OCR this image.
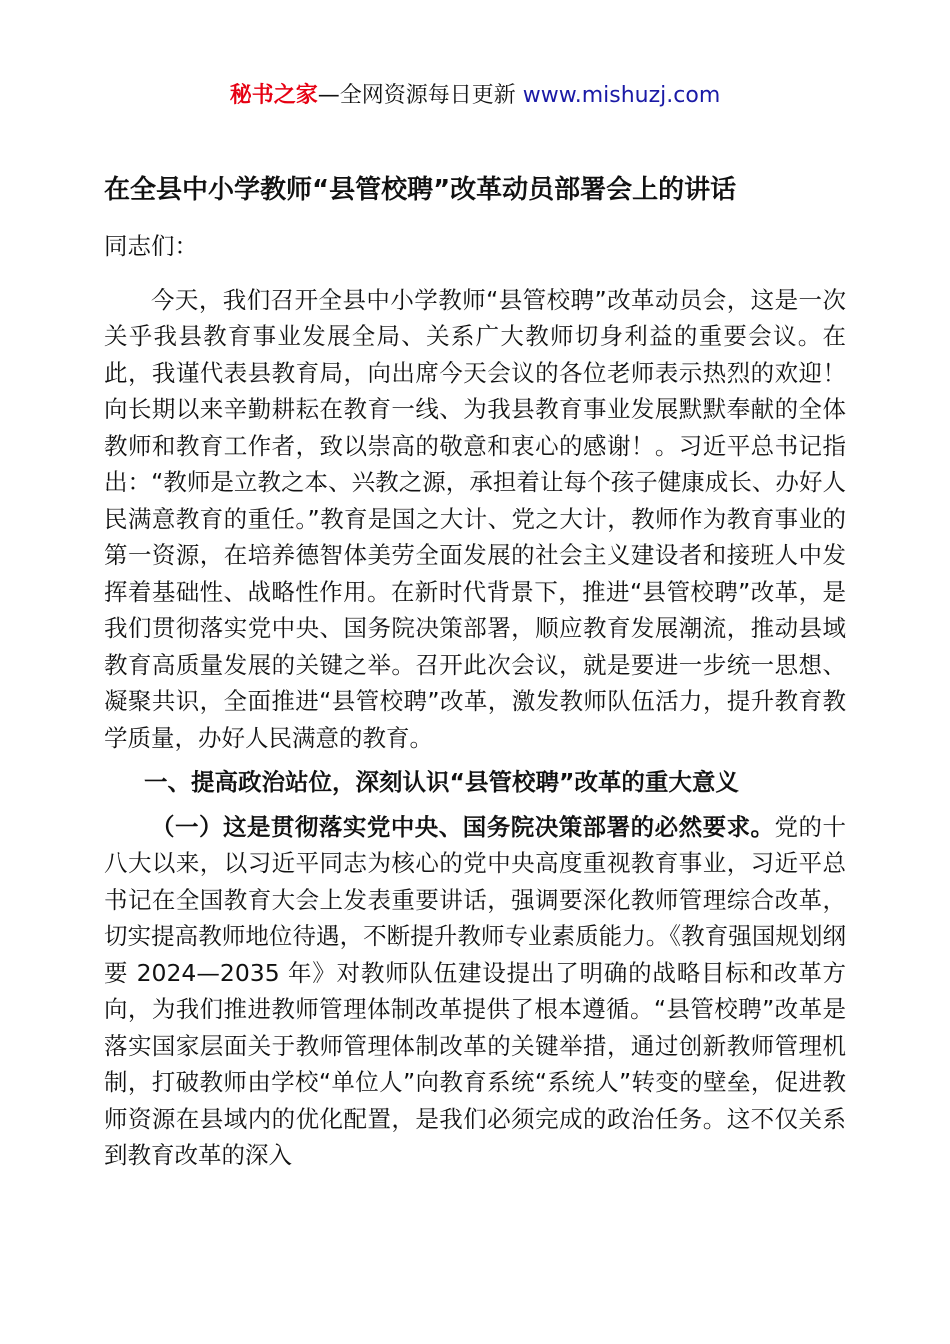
秘书之家—全网资源每日更新 www.mishuzj.com
在全县中小学教师“县管校聘”改革动员部署会上的讲话

同志们：

今天，我们召开全县中小学教师“县管校聘”改革动员会，这是一次关乎我县教育事业发展全局、关系广大教师切身利益的重要会议。在此，我谨代表县教育局，向出席今天会议的各位老师表示热烈的欢迎！向长期以来辛勤耕耘在教育一线、为我县教育事业发展默默奉献的全体教师和教育工作者，致以崇高的敬意和衷心的感谢！。习近平总书记指出：“教师是立教之本、兴教之源，承担着让每个孩子健康成长、办好人民满意教育的重任。”教育是国之大计、党之大计，教师作为教育事业的第一资源，在培养德智体美劳全面发展的社会主义建设者和接班人中发挥着基础性、战略性作用。在新时代背景下，推进“县管校聘”改革，是我们贯彻落实党中央、国务院决策部署，顺应教育发展潮流，推动县域教育高质量发展的关键之举。召开此次会议，就是要进一步统一思想、凝聚共识，全面推进“县管校聘”改革，激发教师队伍活力，提升教育教学质量，办好人民满意的教育。

一、提高政治站位，深刻认识“县管校聘”改革的重大意义

（一）这是贯彻落实党中央、国务院决策部署的必然要求。党的十八大以来，以习近平同志为核心的党中央高度重视教育事业，习近平总书记在全国教育大会上发表重要讲话，强调要深化教师管理综合改革，切实提高教师地位待遇，不断提升教师专业素质能力。《教育强国规划纲要 2024—2035 年》对教师队伍建设提出了明确的战略目标和改革方向，为我们推进教师管理体制改革提供了根本遵循。“县管校聘”改革是落实国家层面关于教师管理体制改革的关键举措，通过创新教师管理机制，打破教师由学校“单位人”向教育系统“系统人”转变的壁垒，促进教师资源在县域内的优化配置，是我们必须完成的政治任务。这不仅关系到教育改革的深入
